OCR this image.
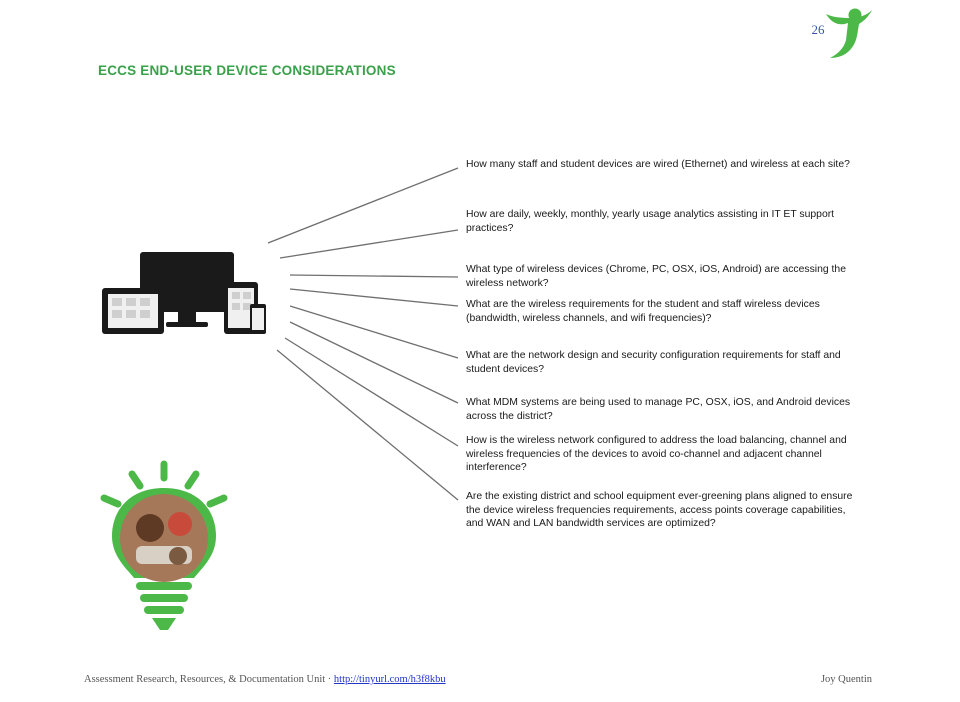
26
ECCS END-USER DEVICE CONSIDERATIONS
How many staff and student devices are wired (Ethernet) and wireless at each site?
How are daily, weekly, monthly, yearly usage analytics assisting in IT ET support practices?
What type of wireless devices (Chrome, PC, OSX, iOS, Android) are accessing the wireless network?
What are the wireless requirements for the student and staff wireless devices (bandwidth, wireless channels, and wifi frequencies)?
What are the network design and security configuration requirements for staff and student devices?
What MDM systems are being used to manage PC, OSX, iOS, and Android devices across the district?
How is the wireless network configured to address the load balancing, channel and wireless frequencies of the devices to avoid co-channel and adjacent channel interference?
Are the existing district and school equipment ever-greening plans aligned to ensure the device wireless frequencies requirements, access points coverage capabilities, and WAN and LAN bandwidth services are optimized?
Assessment Research, Resources, & Documentation Unit · http://tinyurl.com/h3f8kbu	Joy Quentin
